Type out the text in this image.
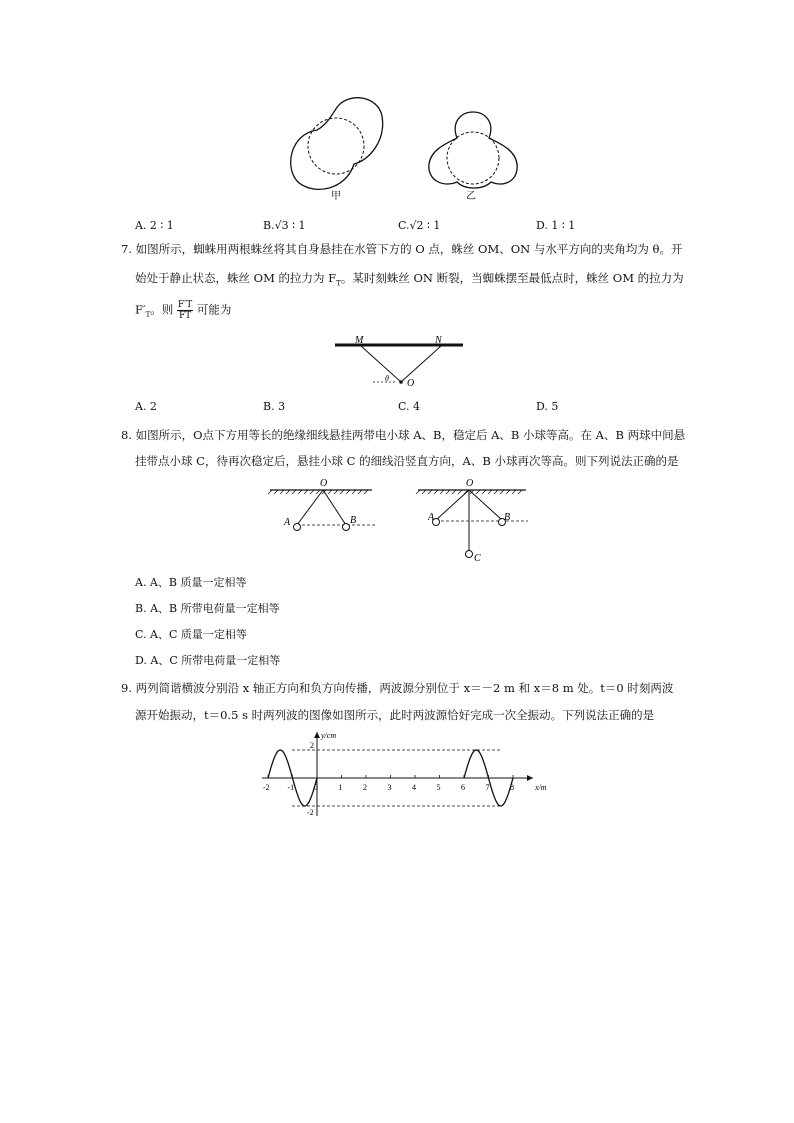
甲	乙
A. 2 ∶ 1	B.√3 ∶ 1	C.√2 ∶ 1	D. 1 ∶ 1
7. 如图所示，蜘蛛用两根蛛丝将其自身悬挂在水管下方的 O 点，蛛丝 OM、ON 与水平方向的夹角均为 θ。开
始处于静止状态，蛛丝 OM 的拉力为 $F_T$。某时刻蛛丝 ON 断裂，当蜘蛛摆至最低点时，蛛丝 OM 的拉力为
$F'_T$。则 $\frac{F'T}{FT}$ 可能为
M	N
O
θ
A. 2	B. 3	C. 4	D. 5
8. 如图所示，O点下方用等长的绝缘细线悬挂两带电小球 A、B，稳定后 A、B 小球等高。在 A、B 两球中间悬
挂带点小球 C，待再次稳定后，悬挂小球 C 的细线沿竖直方向，A、B 小球再次等高。则下列说法正确的是
O
A	B
O
A	B
C
A. A、B 质量一定相等
B. A、B 所带电荷量一定相等
C. A、C 质量一定相等
D. A、C 所带电荷量一定相等
9. 两列简谐横波分别沿 x 轴正方向和负方向传播，两波源分别位于 x＝－2 m 和 x＝8 m 处。t＝0 时刻两波
源开始振动，t＝0.5 s 时两列波的图像如图所示，此时两波源恰好完成一次全振动。下列说法正确的是
x/m
y/cm
-2 -1 0	1	2	3	4	5	6	7	8
2
-2
